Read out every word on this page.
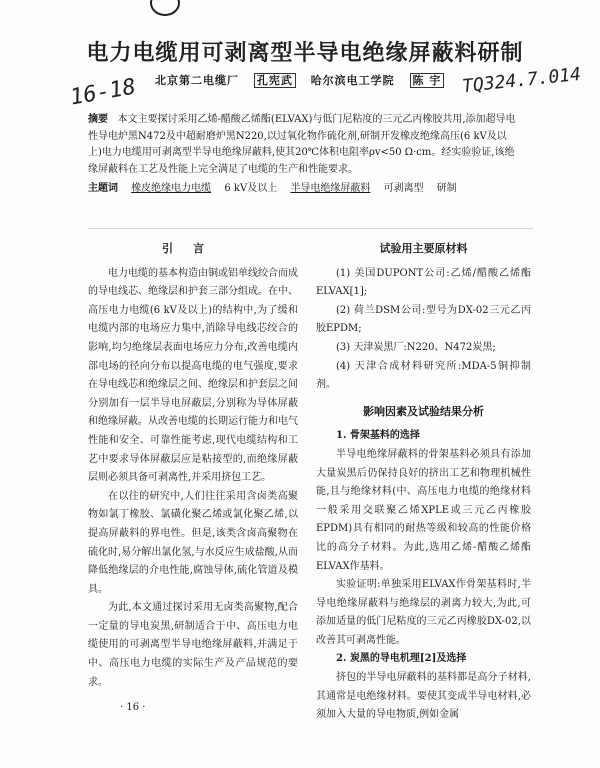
电力电缆用可剥离型半导电绝缘屏蔽料研制
16-18	TQ324.7.014
北京第二电缆厂 孔宪武 哈尔滨电工学院 陈 宇
摘要 本文主要探讨采用乙烯-醋酸乙烯酯(ELVAX)与低门尼粘度的三元乙丙橡胶共用,添加超导电性导电炉黑N472及中超耐磨炉黑N220,以过氧化物作硫化剂,研制开发橡皮绝缘高压(6 kV及以上)电力电缆用可剥离型半导电绝缘屏蔽料,使其20℃体积电阻率ρv<50 Ω·cm。经实验验证,该绝缘屏蔽料在工艺及性能上完全满足了电缆的生产和性能要求。
主题词 橡皮绝缘电力电缆 6 kV及以上 半导电绝缘屏蔽料 可剥离型 研制
引言

电力电缆的基本构造由铜或铝单线绞合而成的导电线芯、绝缘层和护套三部分组成。在中、高压电力电缆(6 kV及以上)的结构中,为了缓和电缆内部的电场应力集中,消除导电线芯绞合的影响,均匀绝缘层表面电场应力分布,改善电缆内部电场的径向分布以提高电缆的电气强度,要求在导电线芯和绝缘层之间、绝缘层和护套层之间分别加有一层半导电屏蔽层,分别称为导体屏蔽和绝缘屏蔽。从改善电缆的长期运行能力和电气性能和安全、可靠性能考虑,现代电缆结构和工艺中要求导体屏蔽层应是粘接型的,而绝缘屏蔽层则必须具备可剥离性,并采用挤包工艺。

在以往的研究中,人们往往采用含卤类高聚物如氯丁橡胶、氯磺化聚乙烯或氯化聚乙烯,以提高屏蔽料的界电性。但是,该类含卤高聚物在硫化时,易分解出氯化氢,与水反应生成盐酸,从而降低绝缘层的介电性能,腐蚀导体,硫化管道及模具。

为此,本文通过探讨采用无卤类高聚物,配合一定量的导电炭黑,研制适合于中、高压电力电缆使用的可剥离型半导电绝缘屏蔽料,并满足于中、高压电力电缆的实际生产及产品规范的要求。

试验用主要原材料

(1) 美国DUPONT公司:乙烯/醋酸乙烯酯ELVAX[1];

(2) 荷兰DSM公司:型号为DX-02三元乙丙胶EPDM;

(3) 天津炭黑厂:N220、N472炭黑;

(4) 天津合成材料研究所:MDA-5铜抑制剂。

影响因素及试验结果分析

1. 骨架基料的选择

半导电绝缘屏蔽料的骨架基料必须具有添加大量炭黑后仍保持良好的挤出工艺和物理机械性能,且与绝缘材料(中、高压电力电缆的绝缘材料一般采用交联聚乙烯XPLE或三元乙丙橡胶EPDM)具有相同的耐热等级和较高的性能价格比的高分子材料。为此,选用乙烯-醋酸乙烯酯ELVAX作基料。

实验证明:单独采用ELVAX作骨架基料时,半导电绝缘屏蔽料与绝缘层的剥离力较大,为此,可添加适量的低门尼粘度的三元乙丙橡胶DX-02,以改善其可剥离性能。

2. 炭黑的导电机理[2]及选择

挤包的半导电屏蔽料的基料都是高分子材料,其通常是电绝缘材料。要使其变成半导电材料,必须加入大量的导电物质,例如金属

· 16 ·
